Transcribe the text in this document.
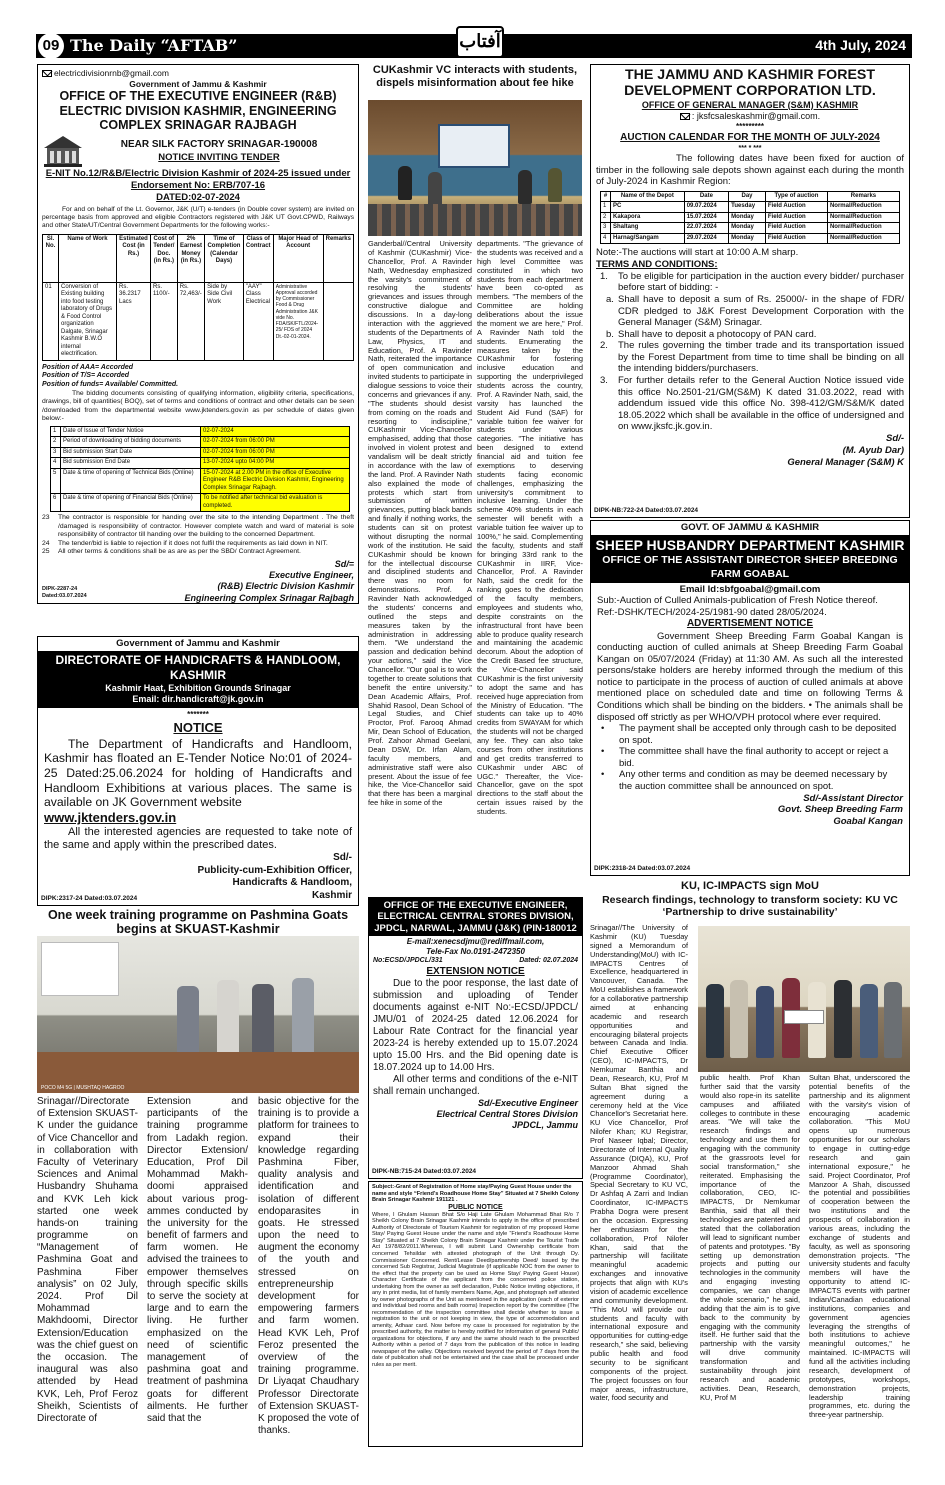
09 The Daily “AFTAB”	آفتاب	4th July, 2024
electricdivisionrnb@gmail.com
Government of Jammu & Kashmir
OFFICE OF THE EXECUTIVE ENGINEER (R&B) ELECTRIC DIVISION KASHMIR, ENGINEERING COMPLEX SRINAGAR RAJBAGH
NEAR SILK FACTORY SRINAGAR-190008
NOTICE INVITING TENDER
E-NIT No.12/R&B/Electric Division Kashmir of 2024-25 issued under Endorsement No: ERB/707-16
DATED:02-07-2024
For and on behalf of the Lt. Governor, J&K (U/T) e-tenders (in Double cover system) are invited on percentage basis from approved and eligible Contractors registered with J&K UT Govt.CPWD, Railways and other State/UT/Central Government Departments for the following works:-
Sl. No.	Name of Work	Estimated Cost (in Rs.)	Cost of Tender/ Doc. (in Rs.)	2% Earnest Money (in Rs.)	Time of Completion (Calendar Days)	Class of Contract	Major Head of Account	Remarks
01	Conversion of Existing building into food testing laboratory of Drugs & Food Control organization Dalgate, Srinagar Kashmir B.W.O internal electrification.	Rs. 36.2317 Lacs	Rs. 1100/-	Rs. 72,463/-	Side by Side Civil Work	"AAY" Class Electrical	Administrative Approval accorded by Commissioner Food & Drug Administration J&K vide No. FDA/SK/FTL/2024-25/ FDS of 2024 Dt.-02-01-2024.	
Position of AAA= Accorded
Position of T/S= Accorded
Position of funds= Available/ Committed.
The bidding documents consisting of qualifying information, eligibility criteria, specifications, drawings, bill of quantities( BOQ), set of terms and conditions of contract and other details can be seen /downloaded from the departmental website www.jktenders.gov.in as per schedule of dates given below:-
1	Date of Issue of Tender Notice	02-07-2024
2	Period of downloading of bidding documents	02-07-2024 from 06:00 PM
3	Bid submission Start Date	02-07-2024 from 06:00 PM
4	Bid submission End Date	13-07-2024 upto 04:00 PM
5	Date & time of opening of Technical Bids (Online)	15-07-2024 at 2.00 PM in the office of Executive Engineer R&B Electric Division Kashmir, Engineering Complex Srinagar Rajbagh.
6	Date & time of opening of Financial Bids (Online)	To be notified after technical bid evaluation is completed.
23	The contractor is responsible for handing over the site to the intending Department . The theft /damaged is responsibility of contractor. However complete watch and ward of material is sole responsibility of contractor till handing over the building to the concerned Department.
24	The tender/bid is liable to rejection if it does not fulfil the requirements as laid down in NIT.
25	All other terms & conditions shall be as are as per the SBD/ Contract Agreement.
Sd/=
Executive Engineer,
(R&B) Electric Division Kashmir
Engineering Complex Srinagar Rajbagh
DIPK-2287-24
Dated:03.07.2024
Government of Jammu and Kashmir
DIRECTORATE OF HANDICRAFTS & HANDLOOM, KASHMIR
Kashmir Haat, Exhibition Grounds Srinagar
Email: dir.handicraft@jk.gov.in
*******
NOTICE
The Department of Handicrafts and Handloom, Kashmir has floated an E-Tender Notice No:01 of 2024-25 Dated:25.06.2024 for holding of Handicrafts and Handloom Exhibitions at various places. The same is available on JK Government website
www.jktenders.gov.in
All the interested agencies are requested to take note of the same and apply within the prescribed dates.
Sd/-
Publicity-cum-Exhibition Officer, Handicrafts & Handloom, Kashmir
DIPK:2317-24 Dated:03.07.2024
CUKashmir VC interacts with students, dispels misinformation about fee hike
Ganderbal//Central University of Kashmir (CUKashmir) Vice-Chancellor, Prof. A Ravinder Nath, Wednesday emphasized the varsity's commitment of resolving the students' grievances and issues through constructive dialogue and discussions. In a day-long interaction with the aggrieved students of the Departments of Law, Physics, IT and Education, Prof. A Ravinder Nath, reiterated the importance of open communication and invited students to participate in dialogue sessions to voice their concerns and grievances if any. "The students should desist from coming on the roads and resorting to indiscipline," CUKashmir Vice-Chancellor emphasised, adding that those involved in violent protest and vandalism will be dealt strictly in accordance with the law of the land. Prof. A Ravinder Nath also explained the mode of protests which start from submission of written grievances, putting black bands and finally if nothing works, the students can sit on protest without disrupting the normal work of the institution. He said CUKashmir should be known for the intellectual discourse and disciplined students and there was no room for demonstrations. Prof. A Ravinder Nath acknowledged the students' concerns and outlined the steps and measures taken by the administration in addressing them. "We understand the passion and dedication behind your actions," said the Vice Chancellor. "Our goal is to work together to create solutions that benefit the entire university." Dean Academic Affairs, Prof. Shahid Rasool, Dean School of Legal Studies, and Chief Proctor, Prof. Farooq Ahmad Mir, Dean School of Education, Prof. Zahoor Ahmad Geelani, Dean DSW, Dr. Irfan Alam, faculty members, and administrative staff were also present. About the issue of fee hike, the Vice-Chancellor said that there has been a marginal fee hike in some of the
departments. "The grievance of the students was received and a high level Committee was constituted in which two students from each department have been co-opted as members. "The members of the Committee are holding deliberations about the issue the moment we are here," Prof. A Ravinder Nath told the students. Enumerating the measures taken by the CUKashmir for fostering inclusive education and supporting the underprivileged students across the country, Prof. A Ravinder Nath, said, the varsity has launched the Student Aid Fund (SAF) for variable tuition fee waiver for students under various categories. "The initiative has been designed to extend financial aid and tuition fee exemptions to deserving students facing economic challenges, emphasizing the university's commitment to inclusive learning. Under the scheme 40% students in each semester will benefit with a variable tuition fee waiver up to 100%," he said. Complementing the faculty, students and staff for bringing 33rd rank to the CUKashmir in IIRF, Vice-Chancellor, Prof. A Ravinder Nath, said the credit for the ranking goes to the dedication of the faculty members, employees and students who, despite constraints on the infrastructural front have been able to produce quality research and maintaining the academic decorum. About the adoption of the Credit Based fee structure, the Vice-Chancellor said CUKashmir is the first university to adopt the same and has received huge appreciation from the Ministry of Education. "The students can take up to 40% credits from SWAYAM for which the students will not be charged any fee. They can also take courses from other institutions and get credits transferred to CUKashmir under ABC of UGC." Thereafter, the Vice-Chancellor, gave on the spot directions to the staff about the certain issues raised by the students.
THE JAMMU AND KASHMIR FOREST DEVELOPMENT CORPORATION LTD.
OFFICE OF GENERAL MANAGER (S&M) KASHMIR
: jksfcsaleskashmir@gmail.com.
*********
AUCTION CALENDAR FOR THE MONTH OF JULY-2024
*** * ***
The following dates have been fixed for auction of timber in the following sale depots shown against each during the month of July-2024 in Kashmir Region:
#	Name of the Depot	Date	Day	Type of auction	Remarks
1	PC	09.07.2024	Tuesday	Field Auction	Normal/Reduction
2	Kakapora	15.07.2024	Monday	Field Auction	Normal/Reduction
3	Shaltang	22.07.2024	Monday	Field Auction	Normal/Reduction
4	Harnag/Sangam	29.07.2024	Monday	Field Auction	Normal/Reduction
Note:-The auctions will start at 10:00 A.M sharp.
TERMS AND CONDITIONS:
1.	To be eligible for participation in the auction every bidder/ purchaser before start of bidding: -
a. Shall have to deposit a sum of Rs. 25000/- in the shape of FDR/ CDR pledged to J&K Forest Development Corporation with the General Manager (S&M) Srinagar.
b. Shall have to deposit a photocopy of PAN card.
2.	The rules governing the timber trade and its transportation issued by the Forest Department from time to time shall be binding on all the intending bidders/purchasers.
3.	For further details refer to the General Auction Notice issued vide this office No.2501-21/GM(S&M) K dated 31.03.2022, read with addendum issued vide this office No. 398-412/GM/S&M/K dated 18.05.2022 which shall be available in the office of undersigned and on www.jksfc.jk.gov.in.
Sd/-
(M. Ayub Dar)
General Manager (S&M) K
DIPK-NB:722-24 Dated:03.07.2024
GOVT. OF JAMMU & KASHMIR
SHEEP HUSBANDRY DEPARTMENT KASHMIR
OFFICE OF THE ASSISTANT DIRECTOR SHEEP BREEDING FARM GOABAL
Email Id:sbfgoabal@gmail.com
Sub:-Auction of Culled Animals-publication of Fresh Notice thereof.
Ref:-DSHK/TECH/2024-25/1981-90 dated 28/05/2024.
ADVERTISEMENT NOTICE
Government Sheep Breeding Farm Goabal Kangan is conducting auction of culled animals at Sheep Breeding Farm Goabal Kangan on 05/07/2024 (Friday) at 11:30 AM. As such all the interested persons/stake holders are hereby informed through the medium of this notice to participate in the process of auction of culled animals at above mentioned place on scheduled date and time on following Terms & Conditions which shall be binding on the bidders. • The animals shall be disposed off strictly as per WHO/VPH protocol where ever required.
•	The payment shall be accepted only through cash to be deposited on spot.
•	The committee shall have the final authority to accept or reject a bid.
•	Any other terms and condition as may be deemed necessary by the auction committee shall be announced on spot.
Sd/-Assistant Director
Govt. Sheep Breeding Farm
Goabal Kangan
DIPK:2318-24 Dated:03.07.2024
One week training programme on Pashmina Goats begins at SKUAST-Kashmir
POCO M4 5G | MUSHTAQ HAGROO
Srinagar//Directorate of Extension SKUAST-K under the guidance of Vice Chancellor and in collaboration with Faculty of Veterinary Sciences and Animal Husbandry Shuhama and KVK Leh kick started one week hands-on training programme on “Management of Pashmina Goat and Pashmina Fiber analysis” on 02 July, 2024. Prof Dil Mohammad Makhdoomi, Director Extension/Education was the chief guest on the occasion. The inaugural was also attended by Head KVK, Leh, Prof Feroz Sheikh, Scientists of Directorate of
Extension and participants of the training programme from Ladakh region. Director Extension/ Education, Prof Dil Mohammad Makh-doomi appraised about various prog-ammes conducted by the university for the benefit of farmers and farm women. He advised the trainees to empower themselves through specific skills to serve the society at large and to earn the living. He further emphasized on the need of scientific management of pashmina goat and treatment of pashmina goats for different ailments. He further said that the
basic objective for the training is to provide a platform for trainees to expand their knowledge regarding Pashmina Fiber, quality analysis and identification and isolation of different endoparasites in goats. He stressed upon the need to augment the economy of the youth and stressed on entrepreneurship development for empowering farmers and farm women. Head KVK Leh, Prof Feroz presented the overview of the training programme. Dr Liyaqat Chaudhary Professor Directorate of Extension SKUAST-K proposed the vote of thanks.
OFFICE OF THE EXECUTIVE ENGINEER, ELECTRICAL CENTRAL STORES DIVISION, JPDCL, NARWAL, JAMMU (J&K) (PIN-180012
E-mail:xenecsdjmu@rediffmail.com,
Tele-Fax No.0191-2472350
No:ECSD/JPDCL/331	Dated: 02.07.2024
EXTENSION NOTICE
Due to the poor response, the last date of submission and uploading of Tender documents against e-NIT No:-ECSD/JPDCL/ JMU/01 of 2024-25 dated 12.06.2024 for Labour Rate Contract for the financial year 2023-24 is hereby extended up to 15.07.2024 upto 15.00 Hrs. and the Bid opening date is 18.07.2024 up to 14.00 Hrs.
All other terms and conditions of the e-NIT shall remain unchanged.
Sd/-Executive Engineer
Electrical Central Stores Division
JPDCL, Jammu
DIPK-NB:715-24 Dated:03.07.2024
Subject:-Grant of Registration of Home stay/Paying Guest House under the name and style “Friend’s Roadhouse Home Stay” Situated at 7 Sheikh Colony Brain Srinagar Kashmir 191121 .
PUBLIC NOTICE
Where, I Ghulam Hassan Bhat S/o Haji Late Ghulam Mohammad Bhat R/o 7 Sheikh Colony Brain Srinagar Kashmir intends to apply in the office of prescribed Authority of Directorate of Tourism Kashmir for registration of my proposed Home Stay/ Paying Guest House under the name and style “Friend’s Roadhouse Home Stay” Situated at 7 Sheikh Colony Brain Srinagar Kashmir under the Tourist Trade Act 1978/82/2011.Whereas, I will submit Land Ownership certificate from concerned Tehsildar with attested photograph of the Unit through Dy. Commissioner Concerned. Rent/Lease Deed/partnership Deed/ issued by the concerned Sub Registrar, Judicial Magistrate (if applicable NOC from the owner to the effect that the property can be used as Home Stay/ Paying Guest House) Character Certificate of the applicant from the concerned police station, undertaking from the owner as self declaration, Public Notice inviting objections, if any in print media, list of family members Name, Age, and photograph self attested by owner photographs of the Unit as mentioned in the application (each of exterior and individual bed rooms and bath rooms) Inspection report by the committee (The recommendation of the inspection committee shall decide whether to issue a registration to the unit or not keeping in view, the type of accommodation and amenity, Adhaar card. Now before my case is processed for registration by the prescribed authority, the matter is hereby notified for information of general Public/ organizations for objections, if any and the same should reach to the prescribed Authority within a period of 7 days from the publication of this notice in leading newspaper of the valley. Objections received beyond the period of 7 days from the date of publication shall not be entertained and the case shall be processed under rules as per merit.
KU, IC-IMPACTS sign MoU
Research findings, technology to transform society: KU VC ‘Partnership to drive sustainability’
Srinagar//The University of Kashmir (KU) Tuesday signed a Memorandum of Understanding(MoU) with IC-IMPACTS Centres of Excellence, headquartered in Vancouver, Canada. The MoU establishes a framework for a collaborative partnership aimed at enhancing academic and research opportunities and encouraging bilateral projects between Canada and India. Chief Executive Officer (CEO), IC-IMPACTS, Dr Nemkumar Banthia and Dean, Research, KU, Prof M Sultan Bhat signed the agreement during a ceremony held at the Vice Chancellor's Secretariat here. KU Vice Chancellor, Prof Nilofer Khan; KU Registrar, Prof Naseer Iqbal; Director, Directorate of Internal Quality Assurance (DIQA), KU, Prof Manzoor Ahmad Shah (Programme Coordinator), Special Secretary to KU VC, Dr Ashfaq A Zarri and Indian Coordinator, IC-IMPACTS Prabha Dogra were present on the occasion. Expressing her enthusiasm for the collaboration, Prof Nilofer Khan, said that the partnership will facilitate meaningful academic exchanges and innovative projects that align with KU's vision of academic excellence and community development. "This MoU will provide our students and faculty with international exposure and opportunities for cutting-edge research," she said, believing public health and food security to be significant components of the project. The project focusses on four major areas, infrastructure, water, food security and
public health. Prof Khan further said that the varsity would also rope-in its satellite campuses and affiliated colleges to contribute in these areas. "We will take the research findings and technology and use them for engaging with the community at the grassroots level for social transformation," she reiterated. Emphasising the importance of the collaboration, CEO, IC-IMPACTS, Dr Nemkumar Banthia, said that all their technologies are patented and stated that the collaboration will lead to significant number of patents and prototypes. "By setting up demonstration projects and putting our technologies in the community and engaging investing companies, we can change the whole scenario," he said, adding that the aim is to give back to the community by engaging with the community itself. He further said that the partnership with the varsity will drive community transformation and sustainability through joint research and academic activities. Dean, Research, KU, Prof M
Sultan Bhat, underscored the potential benefits of the partnership and its alignment with the varsity's vision of encouraging academic collaboration. "This MoU opens up numerous opportunities for our scholars to engage in cutting-edge research and gain international exposure," he said. Project Coordinator, Prof Manzoor A Shah, discussed the potential and possibilities of cooperation between the two institutions and the prospects of collaboration in various areas, including the exchange of students and faculty, as well as sponsoring demonstration projects. "The university students and faculty members will have the opportunity to attend IC-IMPACTS events with partner Indian/Canadian educational institutions, companies and government agencies leveraging the strengths of both institutions to achieve meaningful outcomes," he maintained. IC-IMPACTS will fund all the activities including research, development of prototypes, workshops, demonstration projects, leadership training programmes, etc. during the three-year partnership.
